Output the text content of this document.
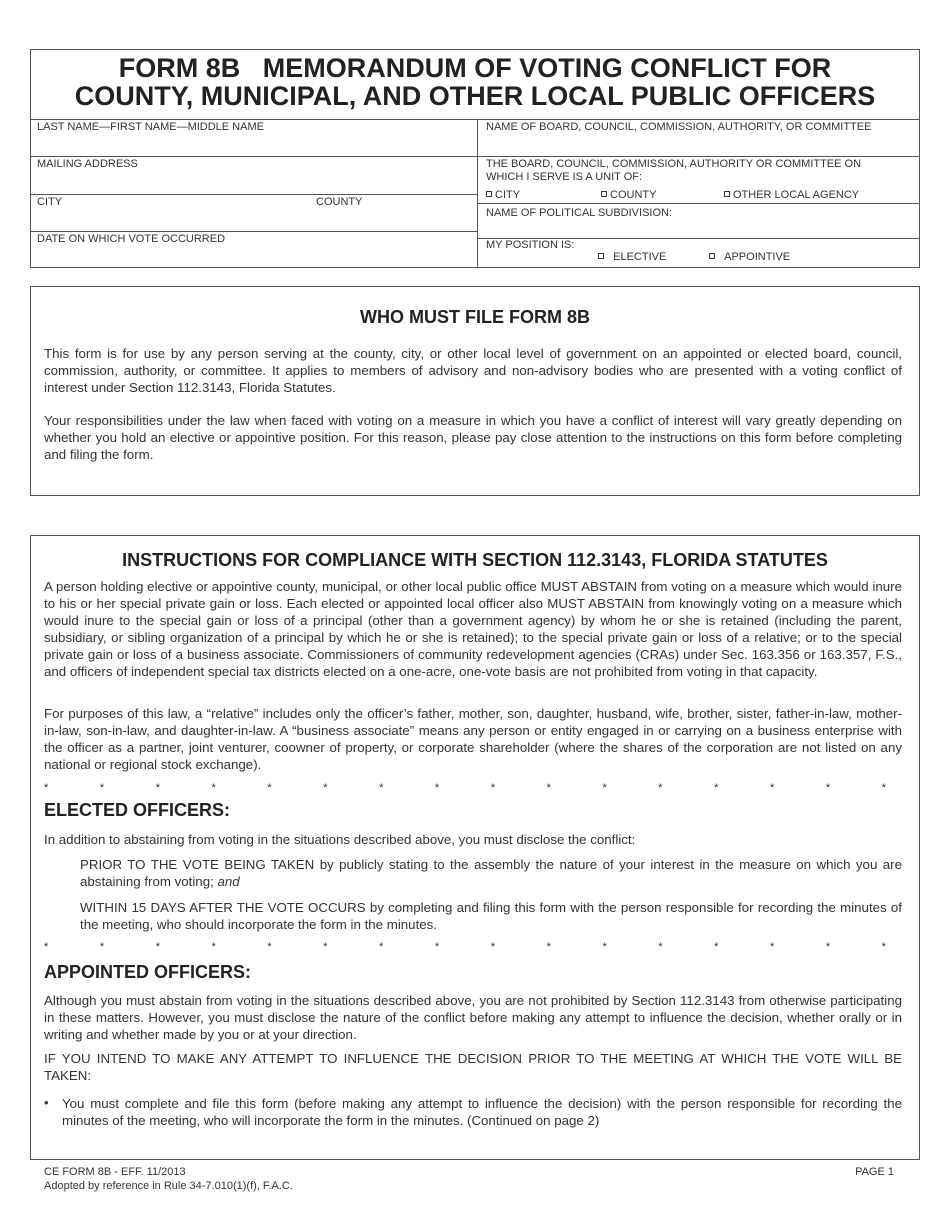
FORM 8B   MEMORANDUM OF VOTING CONFLICT FOR
COUNTY, MUNICIPAL, AND OTHER LOCAL PUBLIC OFFICERS
LAST NAME—FIRST NAME—MIDDLE NAME
MAILING ADDRESS
CITY	COUNTY
DATE ON WHICH VOTE OCCURRED
NAME OF BOARD, COUNCIL, COMMISSION, AUTHORITY, OR COMMITTEE
THE BOARD, COUNCIL, COMMISSION, AUTHORITY OR COMMITTEE ON
WHICH I SERVE IS A UNIT OF:
CITY	COUNTY	OTHER LOCAL AGENCY
NAME OF POLITICAL SUBDIVISION:
MY POSITION IS:
ELECTIVE	APPOINTIVE
WHO MUST FILE FORM 8B

This form is for use by any person serving at the county, city, or other local level of government on an appointed or elected board, council, commission, authority, or committee. It applies to members of advisory and non-advisory bodies who are presented with a voting conflict of interest under Section 112.3143, Florida Statutes.

Your responsibilities under the law when faced with voting on a measure in which you have a conflict of interest will vary greatly depending on whether you hold an elective or appointive position. For this reason, please pay close attention to the instructions on this form before completing and filing the form.

INSTRUCTIONS FOR COMPLIANCE WITH SECTION 112.3143, FLORIDA STATUTES

A person holding elective or appointive county, municipal, or other local public office MUST ABSTAIN from voting on a measure which would inure to his or her special private gain or loss. Each elected or appointed local officer also MUST ABSTAIN from knowingly voting on a measure which would inure to the special gain or loss of a principal (other than a government agency) by whom he or she is retained (including the parent, subsidiary, or sibling organization of a principal by which he or she is retained); to the special private gain or loss of a relative; or to the special private gain or loss of a business associate. Commissioners of community redevelopment agencies (CRAs) under Sec. 163.356 or 163.357, F.S., and officers of independent special tax districts elected on a one-acre, one-vote basis are not prohibited from voting in that capacity.

For purposes of this law, a “relative” includes only the officer’s father, mother, son, daughter, husband, wife, brother, sister, father-in-law, mother-in-law, son-in-law, and daughter-in-law. A “business associate” means any person or entity engaged in or carrying on a business enterprise with the officer as a partner, joint venturer, coowner of property, or corporate shareholder (where the shares of the corporation are not listed on any national or regional stock exchange).

*	*	*	*	*	*	*	*	*	*	*	*	*	*	*	*
ELECTED OFFICERS:

In addition to abstaining from voting in the situations described above, you must disclose the conflict:

PRIOR TO THE VOTE BEING TAKEN by publicly stating to the assembly the nature of your interest in the measure on which you are abstaining from voting; and

WITHIN 15 DAYS AFTER THE VOTE OCCURS by completing and filing this form with the person responsible for recording the minutes of the meeting, who should incorporate the form in the minutes.

*	*	*	*	*	*	*	*	*	*	*	*	*	*	*	*
APPOINTED OFFICERS:

Although you must abstain from voting in the situations described above, you are not prohibited by Section 112.3143 from otherwise participating in these matters. However, you must disclose the nature of the conflict before making any attempt to influence the decision, whether orally or in writing and whether made by you or at your direction.

IF YOU INTEND TO MAKE ANY ATTEMPT TO INFLUENCE THE DECISION PRIOR TO THE MEETING AT WHICH THE VOTE WILL BE TAKEN:

• You must complete and file this form (before making any attempt to influence the decision) with the person responsible for recording the minutes of the meeting, who will incorporate the form in the minutes. (Continued on page 2)

CE FORM 8B - EFF. 11/2013
Adopted by reference in Rule 34-7.010(1)(f), F.A.C.
PAGE 1
